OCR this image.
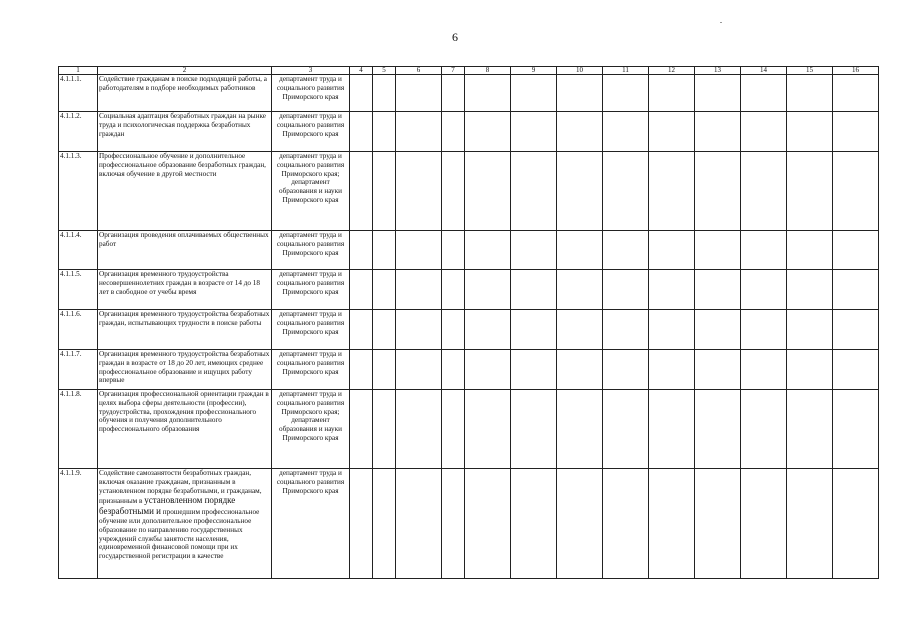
6
1	2	3	4	5	6	7	8	9	10	11	12	13	14	15	16
4.1.1.1.	Содействие гражданам в поиске подходящей работы, а работодателям в подборе необходимых работников	департамент труда и социального развития Приморского края													
4.1.1.2.	Социальная адаптация безработных граждан на рынке труда и психологическая поддержка безработных граждан	департамент труда и социального развития Приморского края													
4.1.1.3.	Профессиональное обучение и дополнительное профессиональное образование безработных граждан, включая обучение в другой местности	департамент труда и социального развития Приморского края; департамент образования и науки Приморского края													
4.1.1.4.	Организация проведения оплачиваемых общественных работ	департамент труда и социального развития Приморского края													
4.1.1.5.	Организация временного трудоустройства несовершеннолетних граждан в возрасте от 14 до 18 лет в свободное от учебы время	департамент труда и социального развития Приморского края													
4.1.1.6.	Организация временного трудоустройства безработных граждан, испытывающих трудности в поиске работы	департамент труда и социального развития Приморского края													
4.1.1.7.	Организация временного трудоустройства безработных граждан в возрасте от 18 до 20 лет, имеющих среднее профессиональное образование и ищущих работу впервые	департамент труда и социального развития Приморского края													
4.1.1.8.	Организация профессиональной ориентации граждан в целях выбора сферы деятельности (профессии), трудоустройства, прохождения профессионального обучения и получения дополнительного профессионального образования	департамент труда и социального развития Приморского края; департамент образования и науки Приморского края													
4.1.1.9.	Содействие самозанятости безработных граждан, включая оказание гражданам, признанным в установленном порядке безработными, и гражданам, признанным в установленном порядке безработными и прошедшим профессиональное обучение или дополнительное профессиональное образование по направлению государственных учреждений службы занятости населения, единовременной финансовой помощи при их государственной регистрации в качестве	департамент труда и социального развития Приморского края													
